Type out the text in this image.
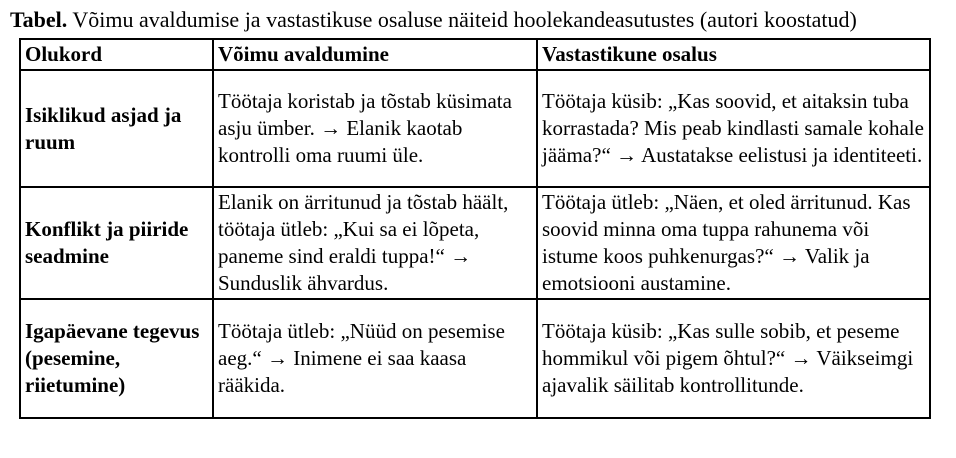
Tabel. Võimu avaldumise ja vastastikuse osaluse näiteid hoolekandeasutustes (autori koostatud)

Olukord	Võimu avaldumine	Vastastikune osalus
Isiklikud asjad ja ruum	Töötaja koristab ja tõstab küsimata asju ümber. → Elanik kaotab kontrolli oma ruumi üle.	Töötaja küsib: „Kas soovid, et aitaksin tuba korrastada? Mis peab kindlasti samale kohale jääma?“ → Austatakse eelistusi ja identiteeti.
Konflikt ja piiride seadmine	Elanik on ärritunud ja tõstab häält, töötaja ütleb: „Kui sa ei lõpeta, paneme sind eraldi tuppa!“ → Sunduslik ähvardus.	Töötaja ütleb: „Näen, et oled ärritunud. Kas soovid minna oma tuppa rahunema või istume koos puhkenurgas?“ → Valik ja emotsiooni austamine.
Igapäevane tegevus (pesemine, riietumine)	Töötaja ütleb: „Nüüd on pesemise aeg.“ → Inimene ei saa kaasa rääkida.	Töötaja küsib: „Kas sulle sobib, et peseme hommikul või pigem õhtul?“ → Väikseimgi ajavalik säilitab kontrollitunde.
